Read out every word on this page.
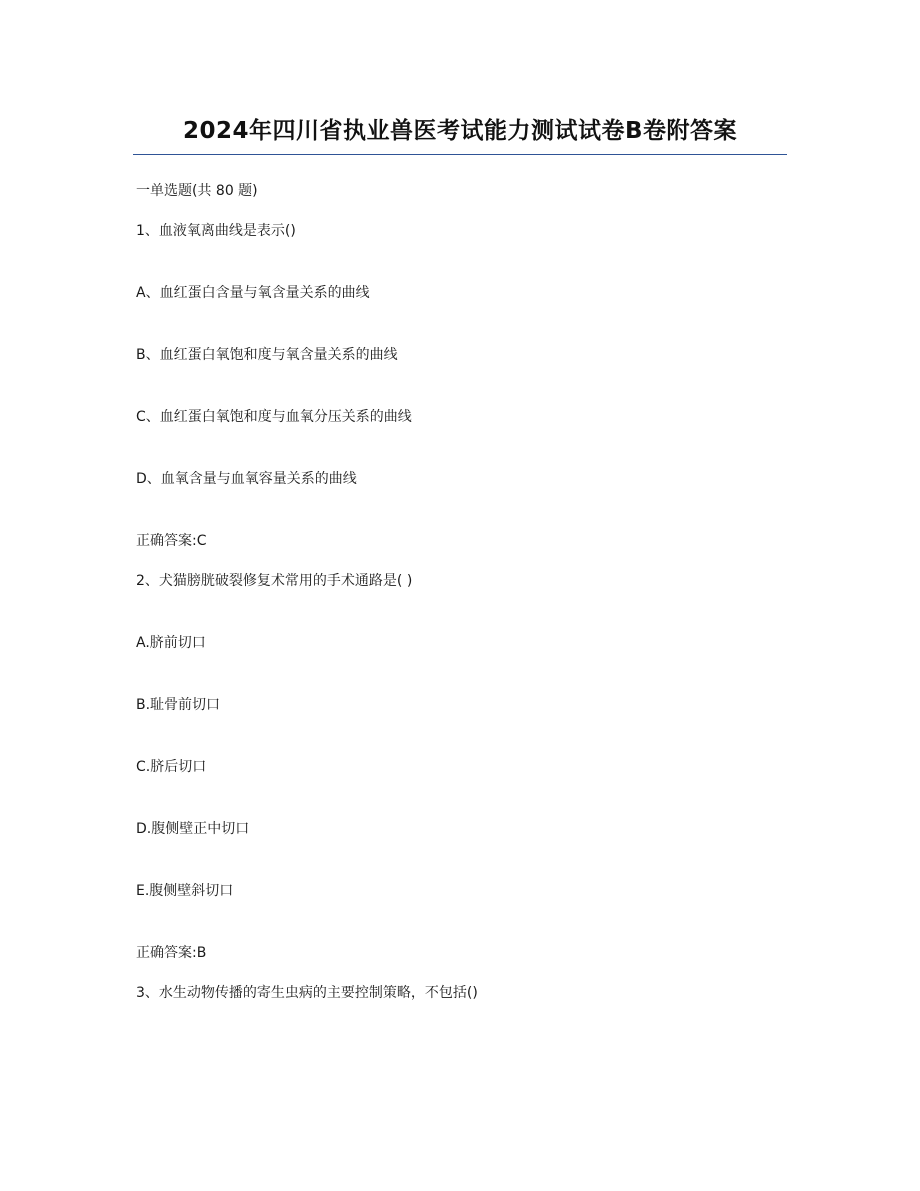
2024年四川省执业兽医考试能力测试试卷B卷附答案
一单选题(共 80 题)
1、血液氧离曲线是表示()
A、血红蛋白含量与氧含量关系的曲线
B、血红蛋白氧饱和度与氧含量关系的曲线
C、血红蛋白氧饱和度与血氧分压关系的曲线
D、血氧含量与血氧容量关系的曲线
正确答案:C
2、犬猫膀胱破裂修复术常用的手术通路是( )
A.脐前切口
B.耻骨前切口
C.脐后切口
D.腹侧壁正中切口
E.腹侧壁斜切口
正确答案:B
3、水生动物传播的寄生虫病的主要控制策略，不包括()
